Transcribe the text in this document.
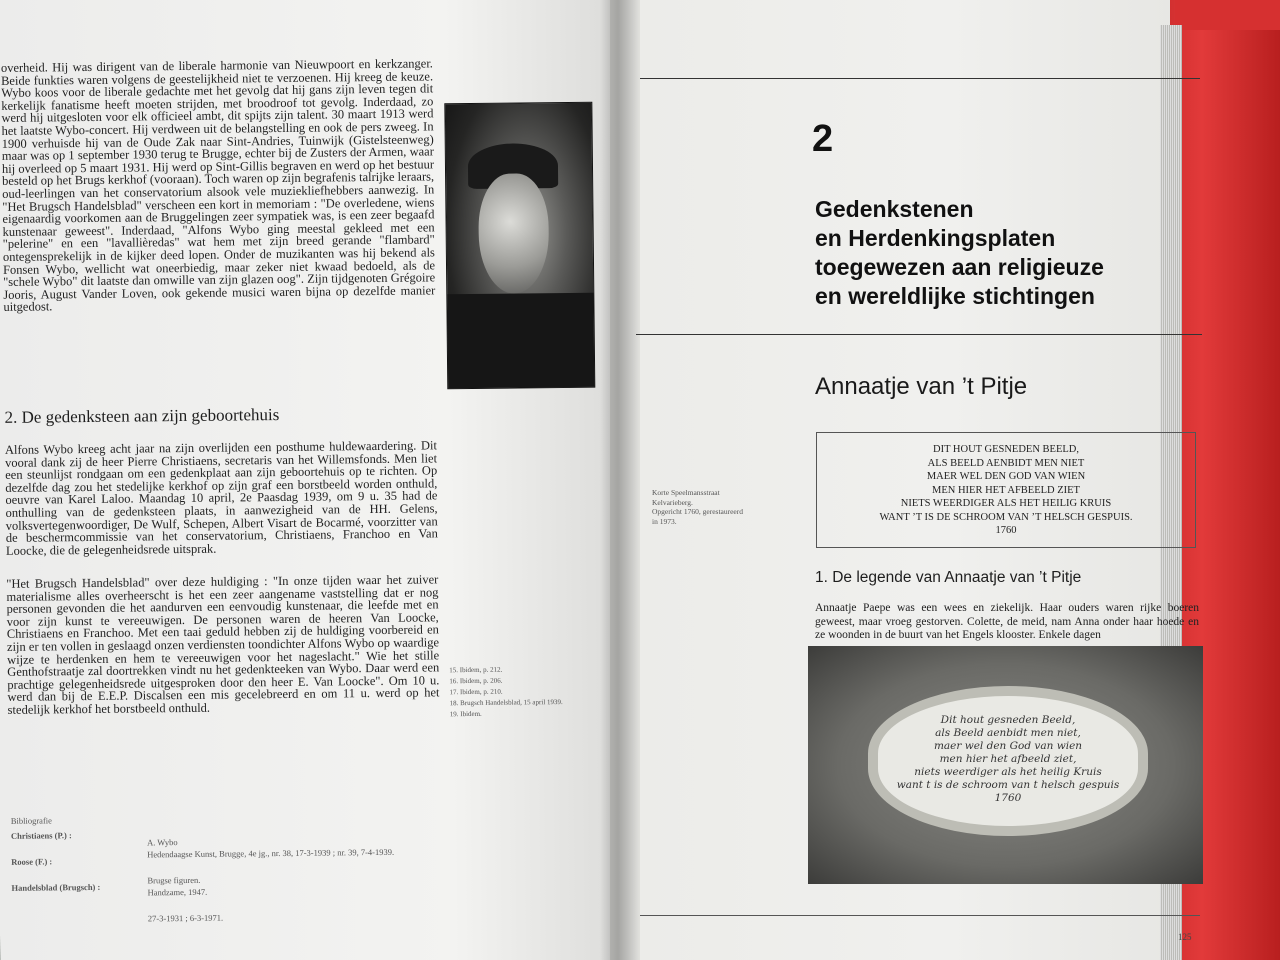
overheid. Hij was dirigent van de liberale harmonie van Nieuwpoort en kerkzanger. Beide funkties waren volgens de geestelijkheid niet te verzoenen. Hij kreeg de keuze. Wybo koos voor de liberale gedachte met het gevolg dat hij gans zijn leven tegen dit kerkelijk fanatisme heeft moeten strijden, met broodroof tot gevolg. Inderdaad, zo werd hij uitgesloten voor elk officieel ambt, dit spijts zijn talent. 30 maart 1913 werd het laatste Wybo-concert. Hij verdween uit de belangstelling en ook de pers zweeg. In 1900 verhuisde hij van de Oude Zak naar Sint-Andries, Tuinwijk (Gistelsteenweg) maar was op 1 september 1930 terug te Brugge, echter bij de Zusters der Armen, waar hij overleed op 5 maart 1931. Hij werd op Sint-Gillis begraven en werd op het bestuur besteld op het Brugs kerkhof (vooraan). Toch waren op zijn begrafenis talrijke leraars, oud-leerlingen van het conservatorium alsook vele muziekliefhebbers aanwezig. In "Het Brugsch Handelsblad" verscheen een kort in memoriam : "De overledene, wiens eigenaardig voorkomen aan de Bruggelingen zeer sympatiek was, is een zeer begaafd kunstenaar geweest". Inderdaad, "Alfons Wybo ging meestal gekleed met een "pelerine" en een "lavallièredas" wat hem met zijn breed gerande "flambard" ontegensprekelijk in de kijker deed lopen. Onder de muzikanten was hij bekend als Fonsen Wybo, wellicht wat oneerbiedig, maar zeker niet kwaad bedoeld, als de "schele Wybo" dit laatste dan omwille van zijn glazen oog". Zijn tijdgenoten Grégoire Jooris, August Vander Loven, ook gekende musici waren bijna op dezelfde manier uitgedost.
2. De gedenksteen aan zijn geboortehuis
Alfons Wybo kreeg acht jaar na zijn overlijden een posthume huldewaardering. Dit vooral dank zij de heer Pierre Christiaens, secretaris van het Willemsfonds. Men liet een steunlijst rondgaan om een gedenkplaat aan zijn geboortehuis op te richten. Op dezelfde dag zou het stedelijke kerkhof op zijn graf een borstbeeld worden onthuld, oeuvre van Karel Laloo. Maandag 10 april, 2e Paasdag 1939, om 9 u. 35 had de onthulling van de gedenksteen plaats, in aanwezigheid van de HH. Gelens, volksvertegenwoordiger, De Wulf, Schepen, Albert Visart de Bocarmé, voorzitter van de beschermcommissie van het conservatorium, Christiaens, Franchoo en Van Loocke, die de gelegenheidsrede uitsprak.
"Het Brugsch Handelsblad" over deze huldiging : "In onze tijden waar het zuiver materialisme alles overheerscht is het een zeer aangename vaststelling dat er nog personen gevonden die het aandurven een eenvoudig kunstenaar, die leefde met en voor zijn kunst te vereeuwigen. De personen waren de heeren Van Loocke, Christiaens en Franchoo. Met een taai geduld hebben zij de huldiging voorbereid en zijn er ten vollen in geslaagd onzen verdiensten toondichter Alfons Wybo op waardige wijze te herdenken en hem te vereeuwigen voor het nageslacht." Wie het stille Genthofstraatje zal doortrekken vindt nu het gedenkteeken van Wybo. Daar werd een prachtige gelegenheidsrede uitgesproken door den heer E. Van Loocke". Om 10 u. werd dan bij de E.E.P. Discalsen een mis gecelebreerd en om 11 u. werd op het stedelijk kerkhof het borstbeeld onthuld.
15. Ibidem, p. 212.
16. Ibidem, p. 206.
17. Ibidem, p. 210.
18. Brugsch Handelsblad, 15 april 1939.
19. Ibidem.
Bibliografie
Christiaens (P.) :
Roose (F.) :
Handelsblad (Brugsch) :

A. Wybo
Hedendaagse Kunst, Brugge, 4e jg., nr. 38, 17-3-1939 ; nr. 39, 7-4-1939.

Brugse figuren.
Handzame, 1947.

27-3-1931 ; 6-3-1971.

2
Gedenkstenen
en Herdenkingsplaten
toegewezen aan religieuze
en wereldlijke stichtingen
Annaatje van ’t Pitje
DIT HOUT GESNEDEN BEELD,
ALS BEELD AENBIDT MEN NIET
MAER WEL DEN GOD VAN WIEN
MEN HIER HET AFBEELD ZIET
NIETS WEERDIGER ALS HET HEILIG KRUIS
WANT ’T IS DE SCHROOM VAN ’T HELSCH GESPUIS.
1760
Korte Speelmansstraat
Kelvarieberg.
Opgericht 1760, gerestaureerd
in 1973.
1. De legende van Annaatje van ’t Pitje
Annaatje Paepe was een wees en ziekelijk. Haar ouders waren rijke boeren geweest, maar vroeg gestorven. Colette, de meid, nam Anna onder haar hoede en ze woonden in de buurt van het Engels klooster. Enkele dagen
Dit hout gesneden Beeld,
als Beeld aenbidt men niet,
maer wel den God van wien
men hier het afbeeld ziet,
niets weerdiger als het heilig Kruis
want t is de schroom van t helsch gespuis
1760
125
